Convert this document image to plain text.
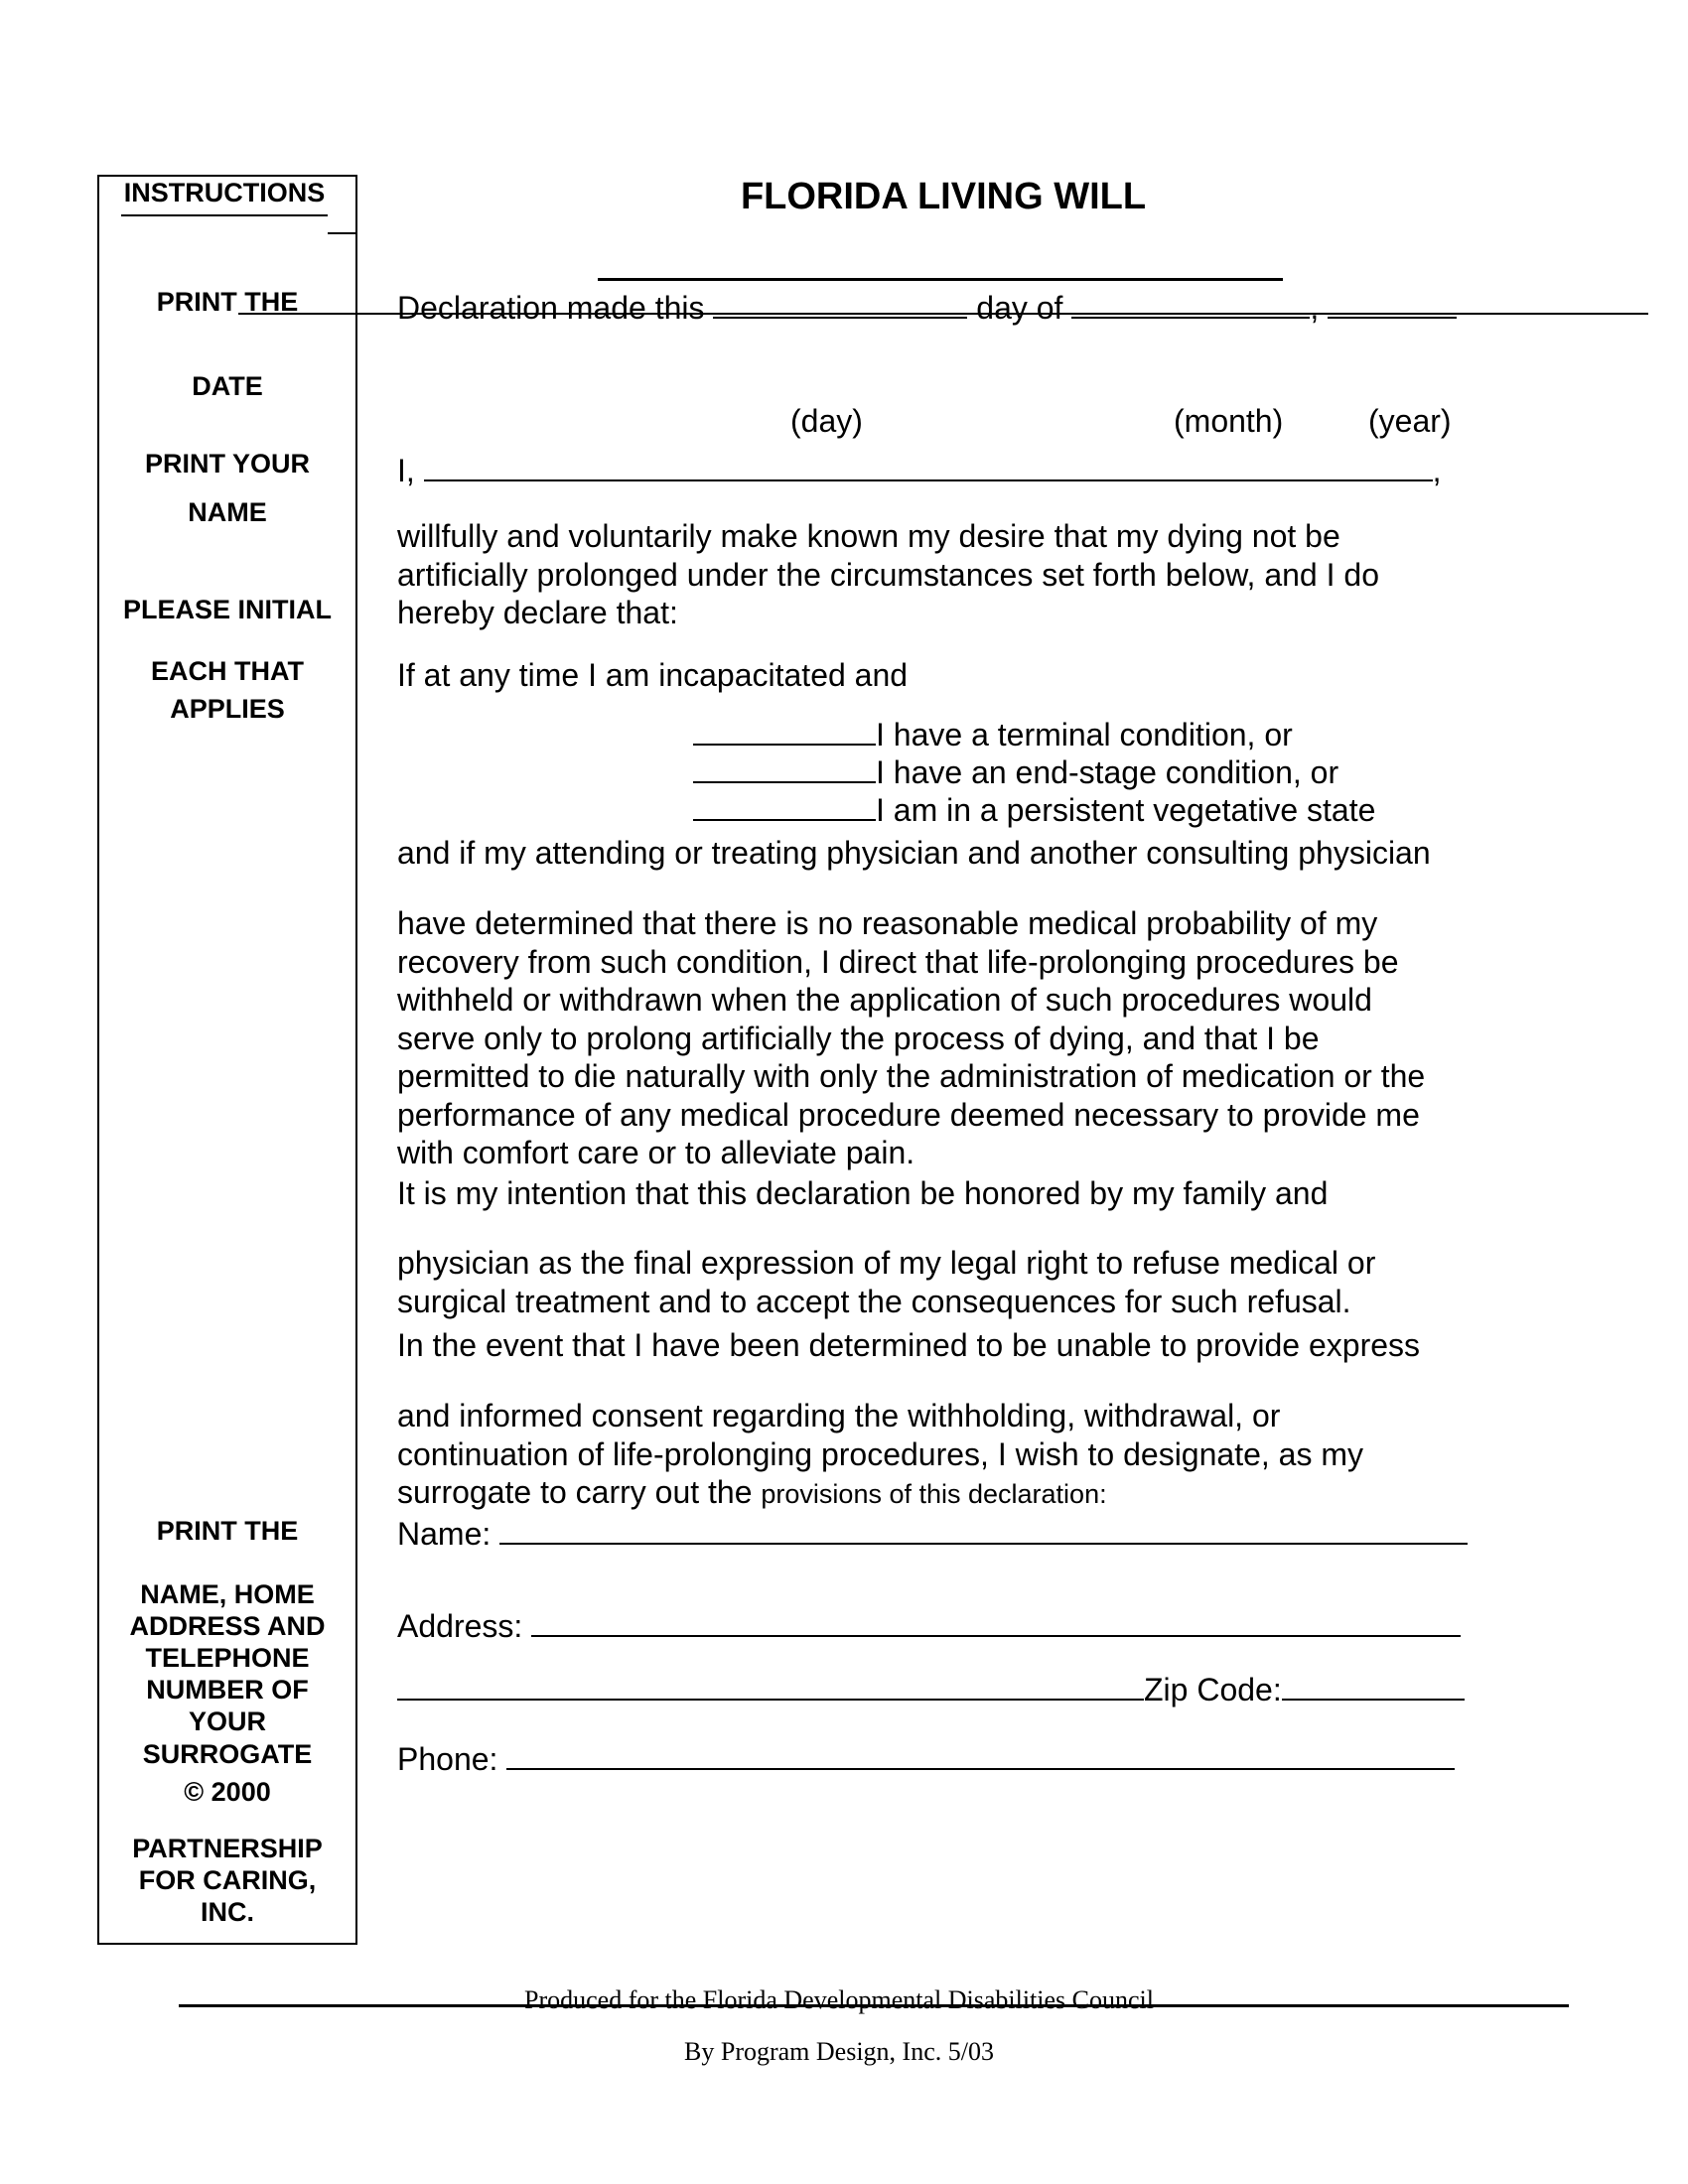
INSTRUCTIONS
PRINT THE
DATE
PRINT YOUR
NAME
PLEASE INITIAL
EACH THAT
APPLIES
PRINT THE
NAME, HOME ADDRESS AND TELEPHONE NUMBER OF YOUR
SURROGATE
© 2000
PARTNERSHIP FOR CARING, INC.
FLORIDA LIVING WILL
Declaration made this	day of	,
(day)	(month)	(year)
I,	,
willfully and voluntarily make known my desire that my dying not be
artificially prolonged under the circumstances set forth below, and I do
hereby declare that:
If at any time I am incapacitated and
I have a terminal condition, or
I have an end-stage condition, or
I am in a persistent vegetative state
and if my attending or treating physician and another consulting physician
have determined that there is no reasonable medical probability of my
recovery from such condition, I direct that life-prolonging procedures be
withheld or withdrawn when the application of such procedures would
serve only to prolong artificially the process of dying, and that I be
permitted to die naturally with only the administration of medication or the
performance of any medical procedure deemed necessary to provide me
with comfort care or to alleviate pain.
It is my intention that this declaration be honored by my family and
physician as the final expression of my legal right to refuse medical or
surgical treatment and to accept the consequences for such refusal.
In the event that I have been determined to be unable to provide express
and informed consent regarding the withholding, withdrawal, or
continuation of life-prolonging procedures, I wish to designate, as my
surrogate to carry out the provisions of this declaration:
Name:
Address:
Zip Code:
Phone:
Produced for the Florida Developmental Disabilities Council
By Program Design, Inc. 5/03
